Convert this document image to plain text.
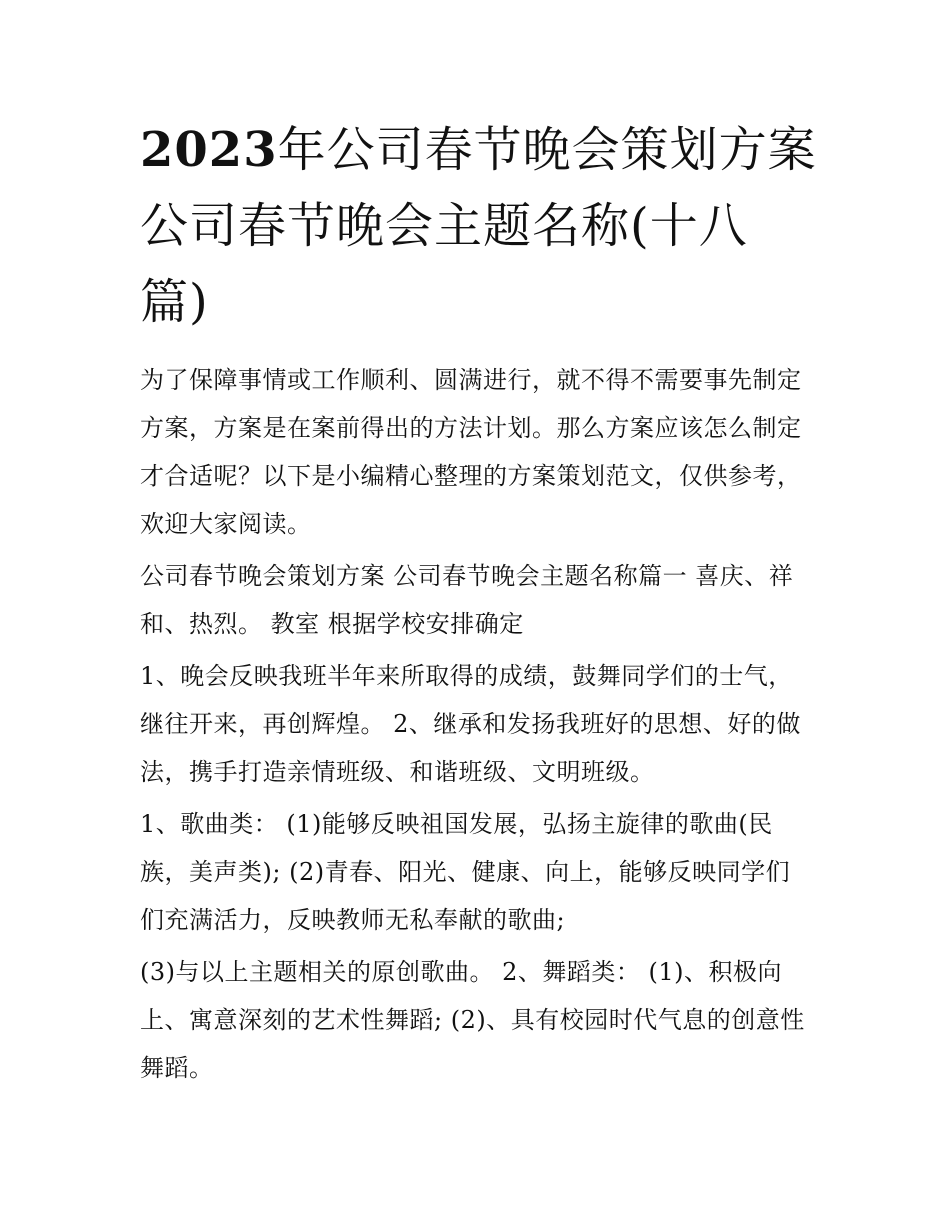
2023年公司春节晚会策划方案
公司春节晚会主题名称(十八
篇)

为了保障事情或工作顺利、圆满进行，就不得不需要事先制定
方案，方案是在案前得出的方法计划。那么方案应该怎么制定
才合适呢？以下是小编精心整理的方案策划范文，仅供参考，
欢迎大家阅读。

公司春节晚会策划方案 公司春节晚会主题名称篇一 喜庆、祥
和、热烈。 教室 根据学校安排确定

1、晚会反映我班半年来所取得的成绩，鼓舞同学们的士气，
继往开来，再创辉煌。 2、继承和发扬我班好的思想、好的做
法，携手打造亲情班级、和谐班级、文明班级。

1、歌曲类： (1)能够反映祖国发展，弘扬主旋律的歌曲(民
族，美声类); (2)青春、阳光、健康、向上，能够反映同学们
们充满活力，反映教师无私奉献的歌曲;

(3)与以上主题相关的原创歌曲。 2、舞蹈类： (1)、积极向
上、寓意深刻的艺术性舞蹈; (2)、具有校园时代气息的创意性
舞蹈。
